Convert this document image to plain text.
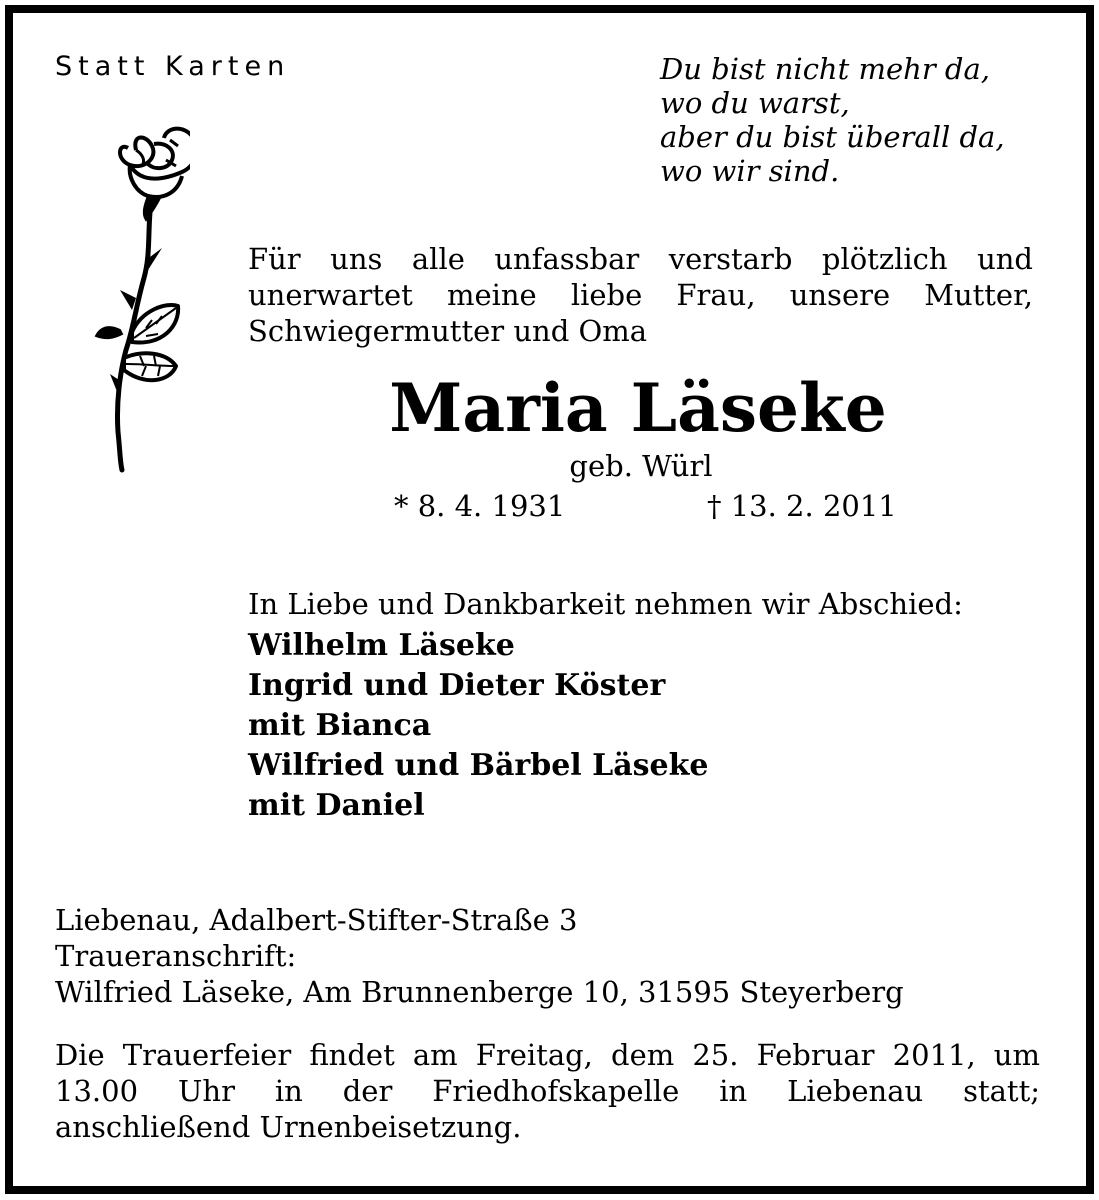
Statt Karten	Du bist nicht mehr da,
wo du warst,
aber du bist überall da,
wo wir sind.
Für uns alle unfassbar verstarb plötzlich und
unerwartet meine liebe Frau, unsere Mutter,
Schwiegermutter und Oma
Maria Läseke
geb. Würl
* 8. 4. 1931	† 13. 2. 2011
In Liebe und Dankbarkeit nehmen wir Abschied:
Wilhelm Läseke
Ingrid und Dieter Köster
mit Bianca
Wilfried und Bärbel Läseke
mit Daniel
Liebenau, Adalbert-Stifter-Straße 3
Traueranschrift:
Wilfried Läseke, Am Brunnenberge 10, 31595 Steyerberg
Die Trauerfeier findet am Freitag, dem 25. Februar 2011, um
13.00 Uhr in der Friedhofskapelle in Liebenau statt;
anschließend Urnenbeisetzung.
